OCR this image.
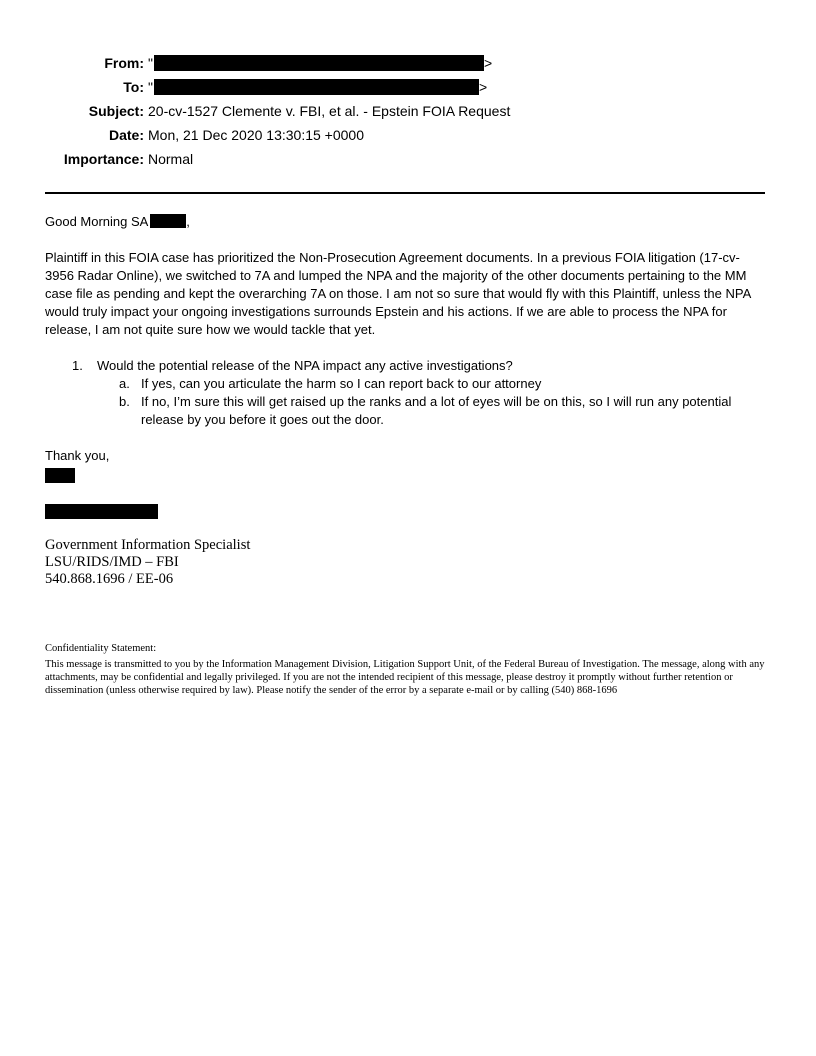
From: "	>
To: "	>
Subject: 20-cv-1527 Clemente v. FBI, et al. - Epstein FOIA Request
Date: Mon, 21 Dec 2020 13:30:15 +0000
Importance: Normal

Good Morning SA	,

Plaintiff in this FOIA case has prioritized the Non-Prosecution Agreement documents. In a previous FOIA litigation (17-cv-3956 Radar Online), we switched to 7A and lumped the NPA and the majority of the other documents pertaining to the MM case file as pending and kept the overarching 7A on those. I am not so sure that would fly with this Plaintiff, unless the NPA would truly impact your ongoing investigations surrounds Epstein and his actions. If we are able to process the NPA for release, I am not quite sure how we would tackle that yet.

1. Would the potential release of the NPA impact any active investigations?
a. If yes, can you articulate the harm so I can report back to our attorney
b. If no, I’m sure this will get raised up the ranks and a lot of eyes will be on this, so I will run any potential release by you before it goes out the door.
Thank you,
Government Information Specialist
LSU/RIDS/IMD – FBI
540.868.1696 / EE-06
Confidentiality Statement:
This message is transmitted to you by the Information Management Division, Litigation Support Unit, of the Federal Bureau of Investigation. The message, along with any attachments, may be confidential and legally privileged. If you are not the intended recipient of this message, please destroy it promptly without further retention or dissemination (unless otherwise required by law). Please notify the sender of the error by a separate e-mail or by calling (540) 868-1696
